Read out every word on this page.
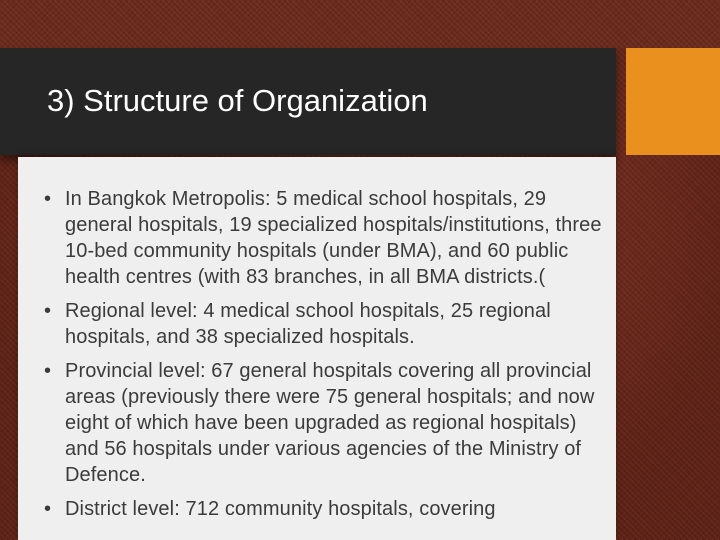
3) Structure of Organization
• In Bangkok Metropolis: 5 medical school hospitals, 29 general hospitals, 19 specialized hospitals/institutions, three 10-bed community hospitals (under BMA), and 60 public health centres (with 83 branches, in all BMA districts.(
• Regional level: 4 medical school hospitals, 25 regional hospitals, and 38 specialized hospitals.
• Provincial level: 67 general hospitals covering all provincial areas (previously there were 75 general hospitals; and now eight of which have been upgraded as regional hospitals) and 56 hospitals under various agencies of the Ministry of Defence.
• District level: 712 community hospitals, covering
